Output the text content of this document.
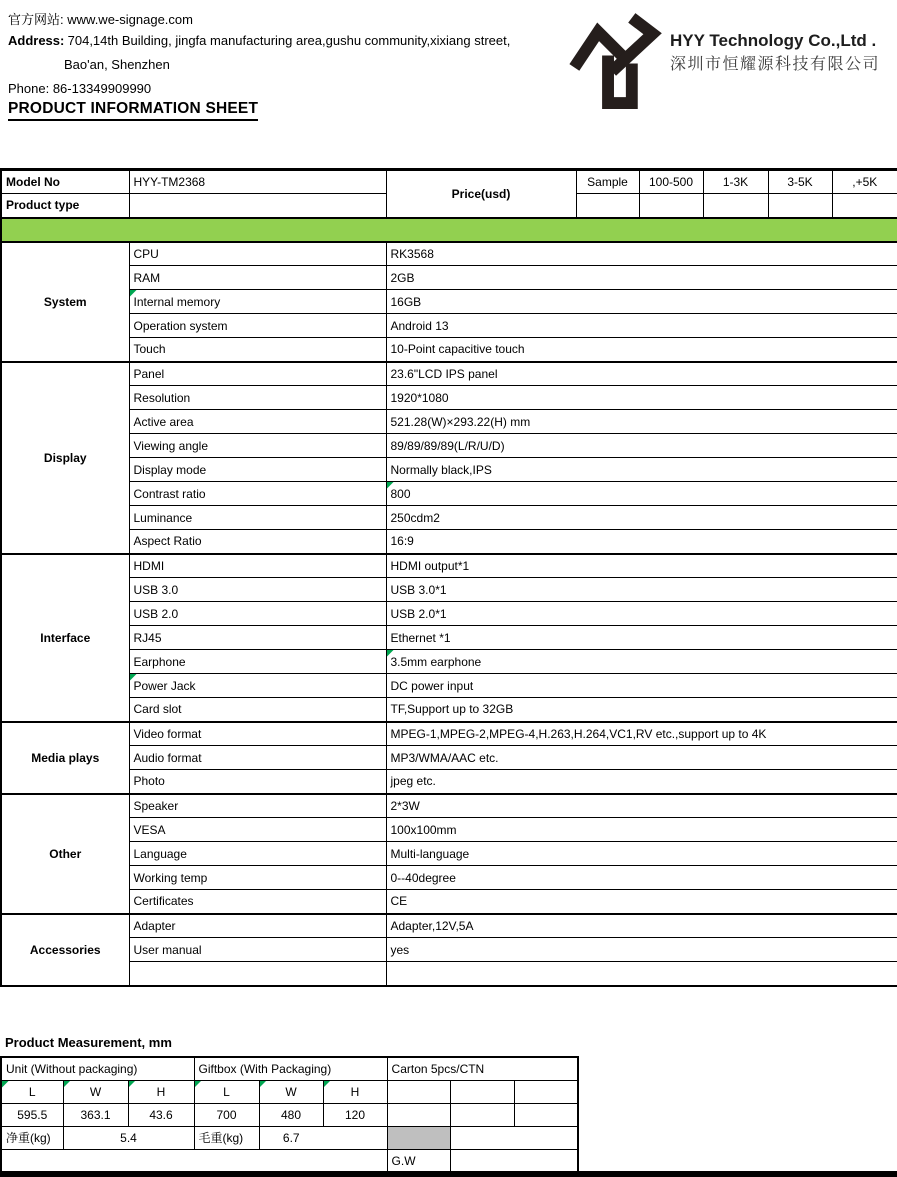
官方网站: www.we-signage.com
Address: 704,14th Building, jingfa manufacturing area,gushu community,xixiang street,
Bao'an, Shenzhen
Phone: 86-13349909990
PRODUCT INFORMATION SHEET
HYY Technology Co.,Ltd .
深圳市恒耀源科技有限公司
Model No	HYY-TM2368	Price(usd)	Sample	100-500	1-3K	3-5K	,+5K
Product type							

System	CPU	RK3568					
	RAM	2GB					
	Internal memory	16GB					
	Operation system	Android 13					
	Touch	10-Point capacitive touch					
Display	Panel	23.6"LCD IPS panel					
	Resolution	1920*1080					
	Active area	521.28(W)×293.22(H) mm					
	Viewing angle	89/89/89/89(L/R/U/D)					
	Display mode	Normally black,IPS					
	Contrast ratio	800					

	Luminance	250cdm2					
	Aspect Ratio	16:9					
Interface	HDMI	HDMI output*1					
	USB 3.0	USB 3.0*1					
	USB 2.0	USB 2.0*1					
	RJ45	Ethernet *1					
	Earphone	3.5mm earphone					

	Power Jack	DC power input					
	Card slot	TF,Support up to 32GB					
Media plays	Video format	MPEG-1,MPEG-2,MPEG-4,H.263,H.264,VC1,RV etc.,support up to 4K					
	Audio format	MP3/WMA/AAC etc.					
	Photo	jpeg etc.					
Other	Speaker	2*3W					
	VESA	100x100mm					
	Language	Multi-language					
	Working temp	0--40degree					
	Certificates	CE					
Accessories	Adapter	Adapter,12V,5A					
	User manual	yes					

Product Measurement, mm
Unit (Without packaging)			Giftbox (With Packaging)			Carton 5pcs/CTN		

L	W	H	L	W	H			
595.5	363.1	43.6	700	480	120			
净重(kg)	5.4		毛重(kg)	6.7				
						G.W		
